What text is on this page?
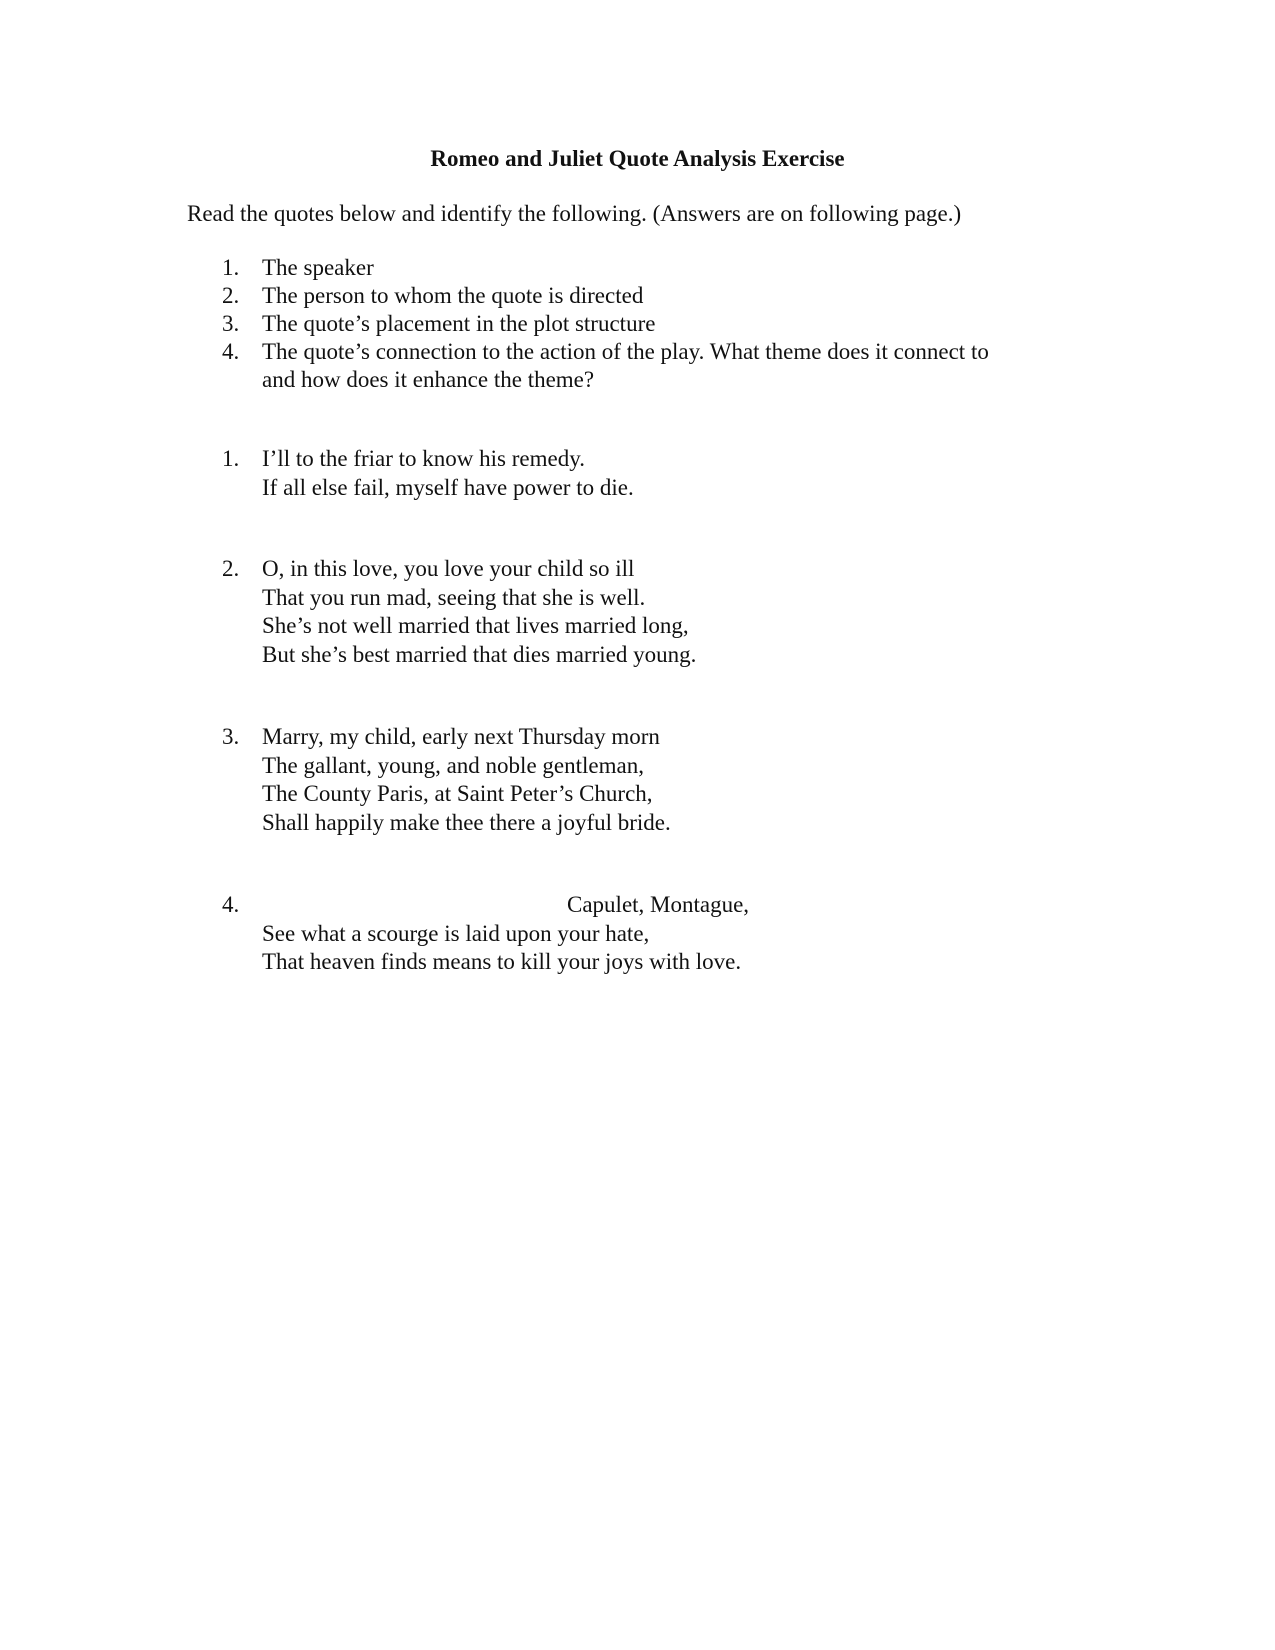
Romeo and Juliet Quote Analysis Exercise
Read the quotes below and identify the following. (Answers are on following page.)
1. The speaker
2. The person to whom the quote is directed
3. The quote’s placement in the plot structure
4. The quote’s connection to the action of the play. What theme does it connect to
and how does it enhance the theme?
1. I’ll to the friar to know his remedy.
If all else fail, myself have power to die.
2. O, in this love, you love your child so ill
That you run mad, seeing that she is well.
She’s not well married that lives married long,
But she’s best married that dies married young.
3. Marry, my child, early next Thursday morn
The gallant, young, and noble gentleman,
The County Paris, at Saint Peter’s Church,
Shall happily make thee there a joyful bride.
4.	Capulet, Montague,
See what a scourge is laid upon your hate,
That heaven finds means to kill your joys with love.
